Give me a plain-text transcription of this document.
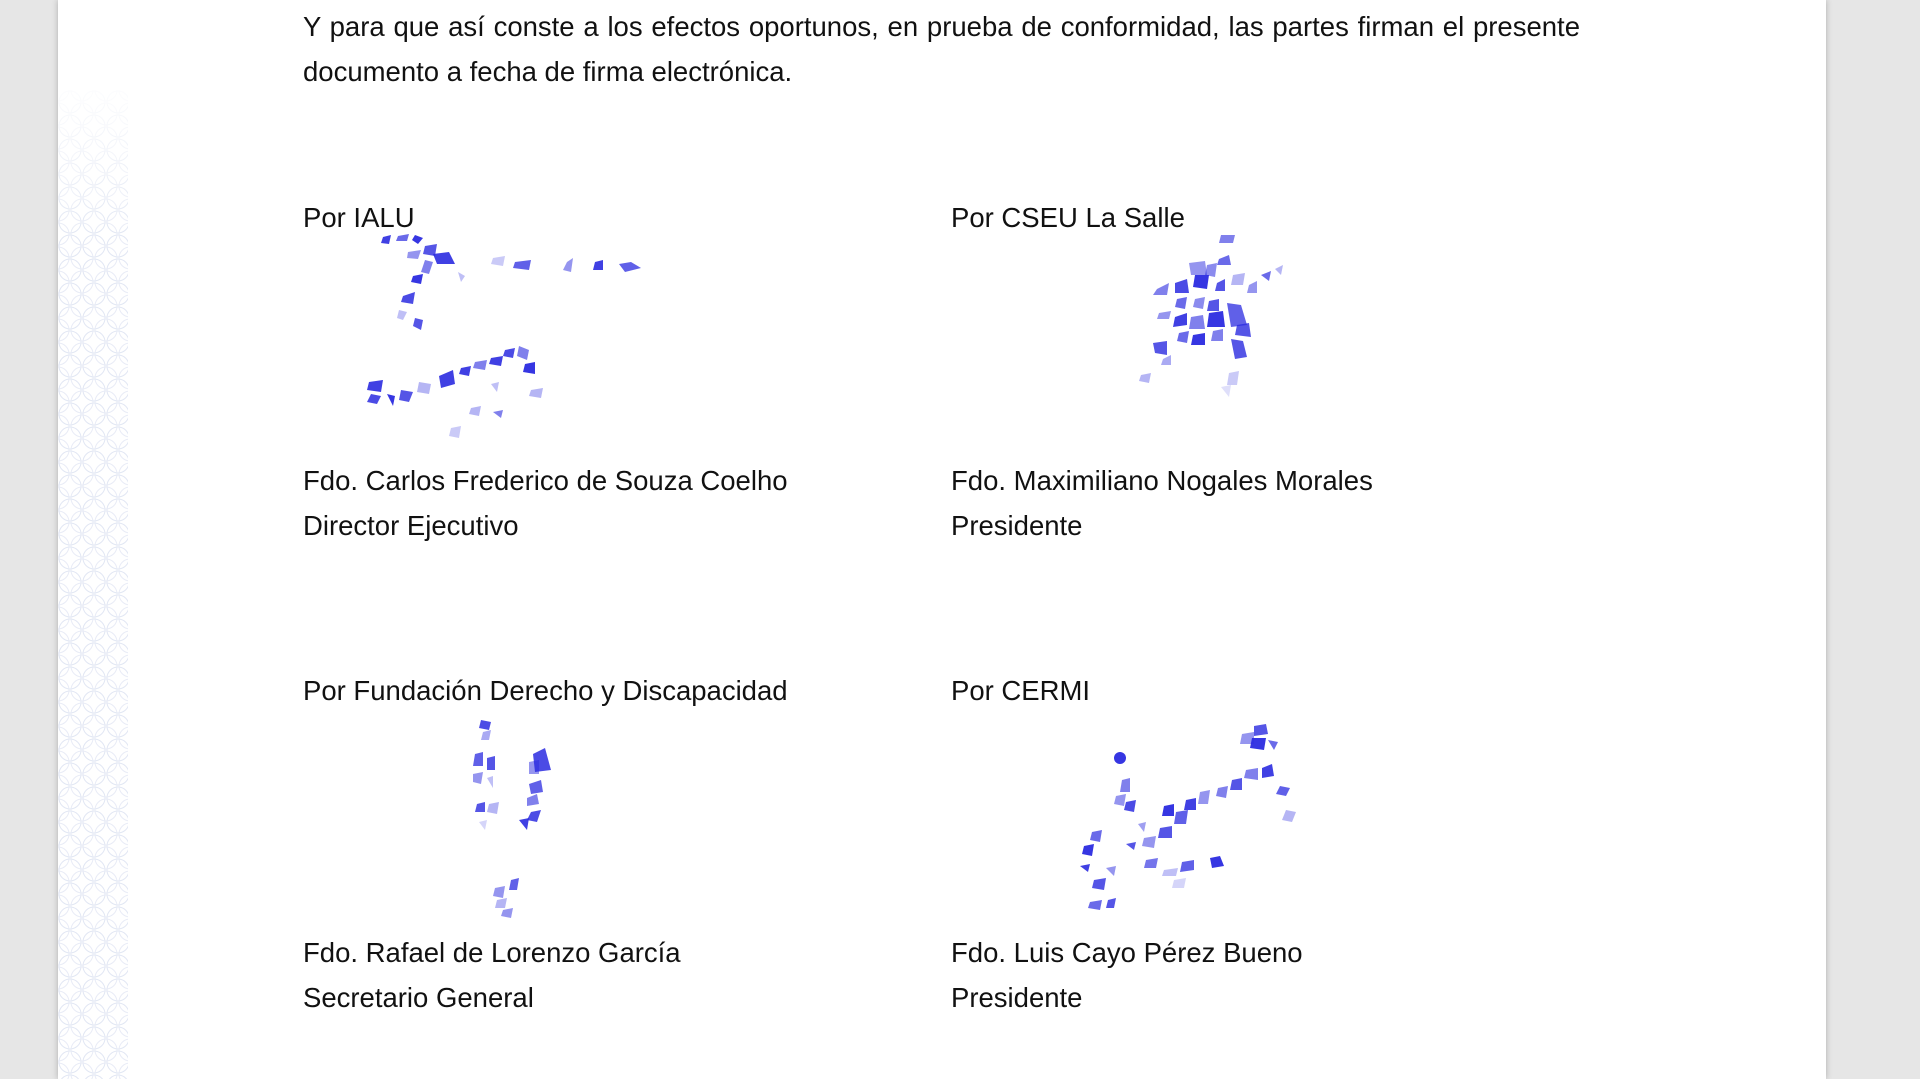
Y para que así conste a los efectos oportunos, en prueba de conformidad, las partes firman el presente documento a fecha de firma electrónica.

Por IALU
Fdo. Carlos Frederico de Souza Coelho
Director Ejecutivo
Por CSEU La Salle
Fdo. Maximiliano Nogales Morales
Presidente
Por Fundación Derecho y Discapacidad
Fdo. Rafael de Lorenzo García
Secretario General
Por CERMI
Fdo. Luis Cayo Pérez Bueno
Presidente
